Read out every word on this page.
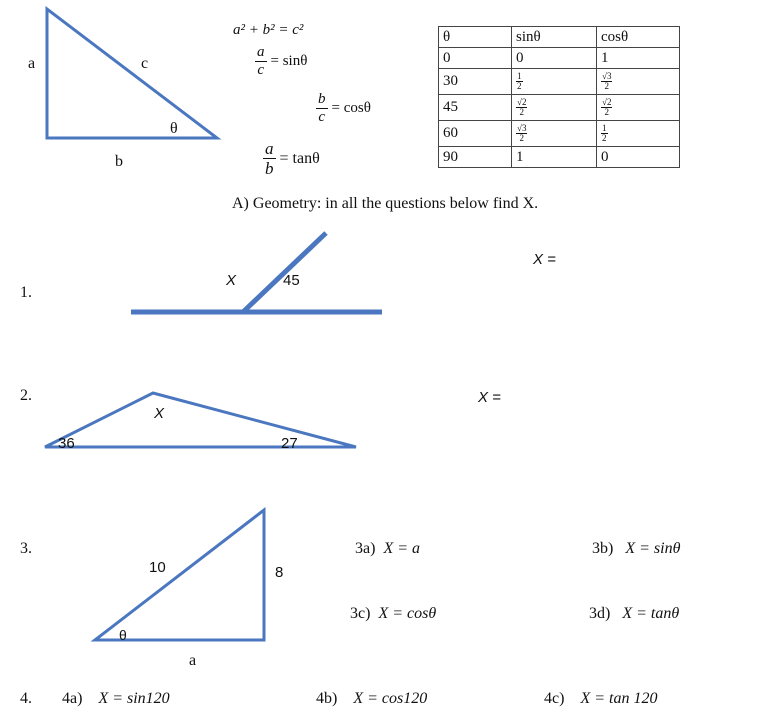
a	c
b
θ
a² + b² = c²
$\frac{a}{c} = \sin\theta$
$\frac{b}{c} = \cos\theta$
$\frac{a}{b} = \tan\theta$
θ	sinθ	cosθ
0	0	1
30	$\frac{1}{2}$	$\frac{√3}{2}$

45	$\frac{√2}{2}$	$\frac{√2}{2}$

60	$\frac{√3}{2}$	$\frac{1}{2}$

90	1	0
A) Geometry: in all the questions below find X.
1.
X	45
X =
2.
X
36	27
X =
3.
10	8
a
θ
3a) X = a	3b) X = sinθ
3c) X = cosθ	3d) X = tanθ
4. 4a) X = sin120	4b) X = cos120	4c) X = tan 120
